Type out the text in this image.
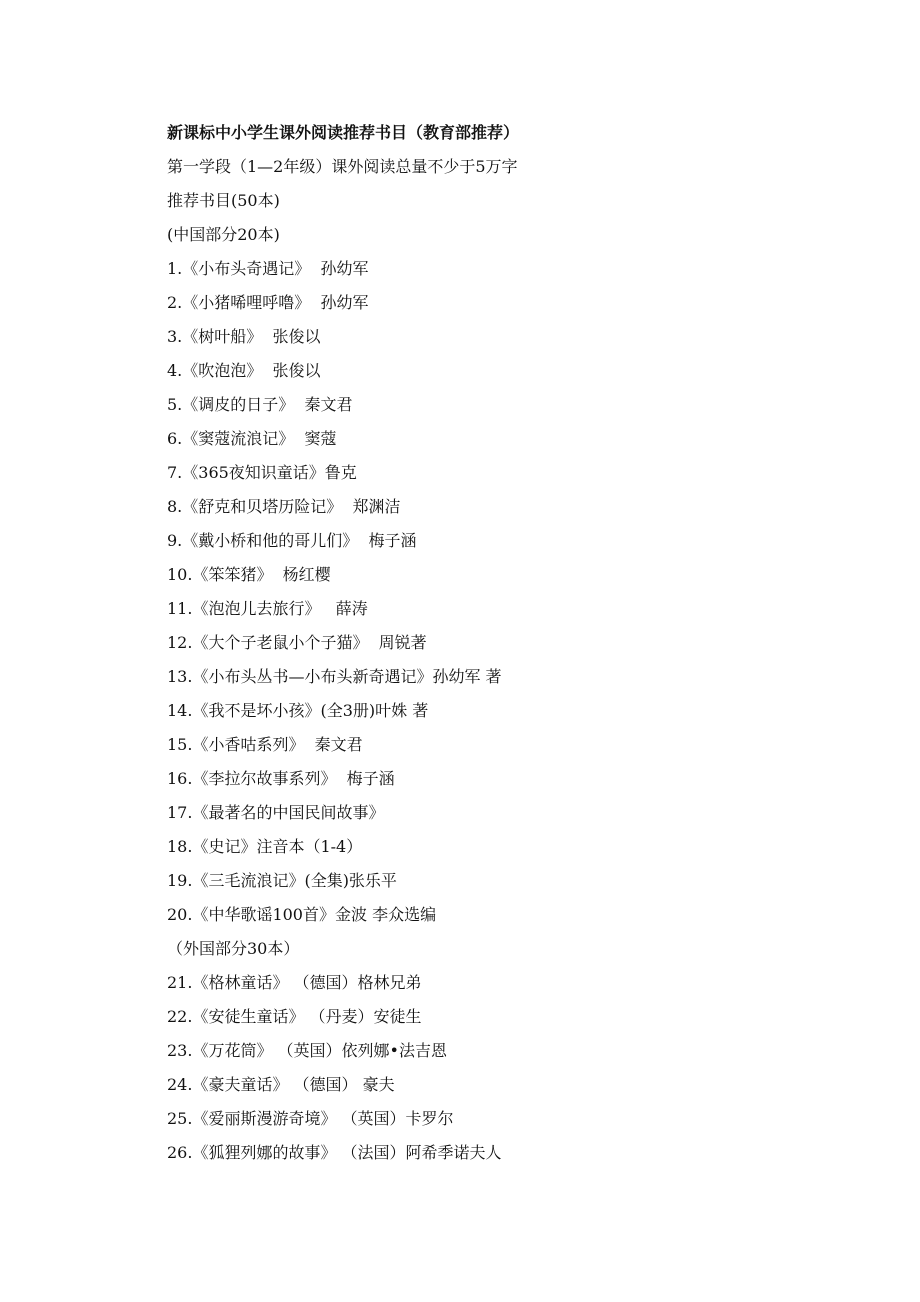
新课标中小学生课外阅读推荐书目（教育部推荐）
第一学段（1—2年级）课外阅读总量不少于5万字
推荐书目(50本)
(中国部分20本)
1.《小布头奇遇记》  孙幼军
2.《小猪唏哩呼噜》  孙幼军
3.《树叶船》  张俊以
4.《吹泡泡》  张俊以
5.《调皮的日子》  秦文君
6.《窦蔻流浪记》  窦蔻
7.《365夜知识童话》鲁克
8.《舒克和贝塔历险记》  郑渊洁
9.《戴小桥和他的哥儿们》  梅子涵
10.《笨笨猪》  杨红樱
11.《泡泡儿去旅行》   薛涛
12.《大个子老鼠小个子猫》  周锐著
13.《小布头丛书—小布头新奇遇记》孙幼军 著
14.《我不是坏小孩》(全3册)叶姝 著
15.《小香咕系列》  秦文君
16.《李拉尔故事系列》  梅子涵
17.《最著名的中国民间故事》
18.《史记》注音本（1-4）
19.《三毛流浪记》(全集)张乐平
20.《中华歌谣100首》金波 李众选编
（外国部分30本）
21.《格林童话》 （德国）格林兄弟
22.《安徒生童话》 （丹麦）安徒生
23.《万花筒》 （英国）依列娜•法吉恩
24.《豪夫童话》 （德国） 豪夫
25.《爱丽斯漫游奇境》 （英国）卡罗尔
26.《狐狸列娜的故事》 （法国）阿希季诺夫人
